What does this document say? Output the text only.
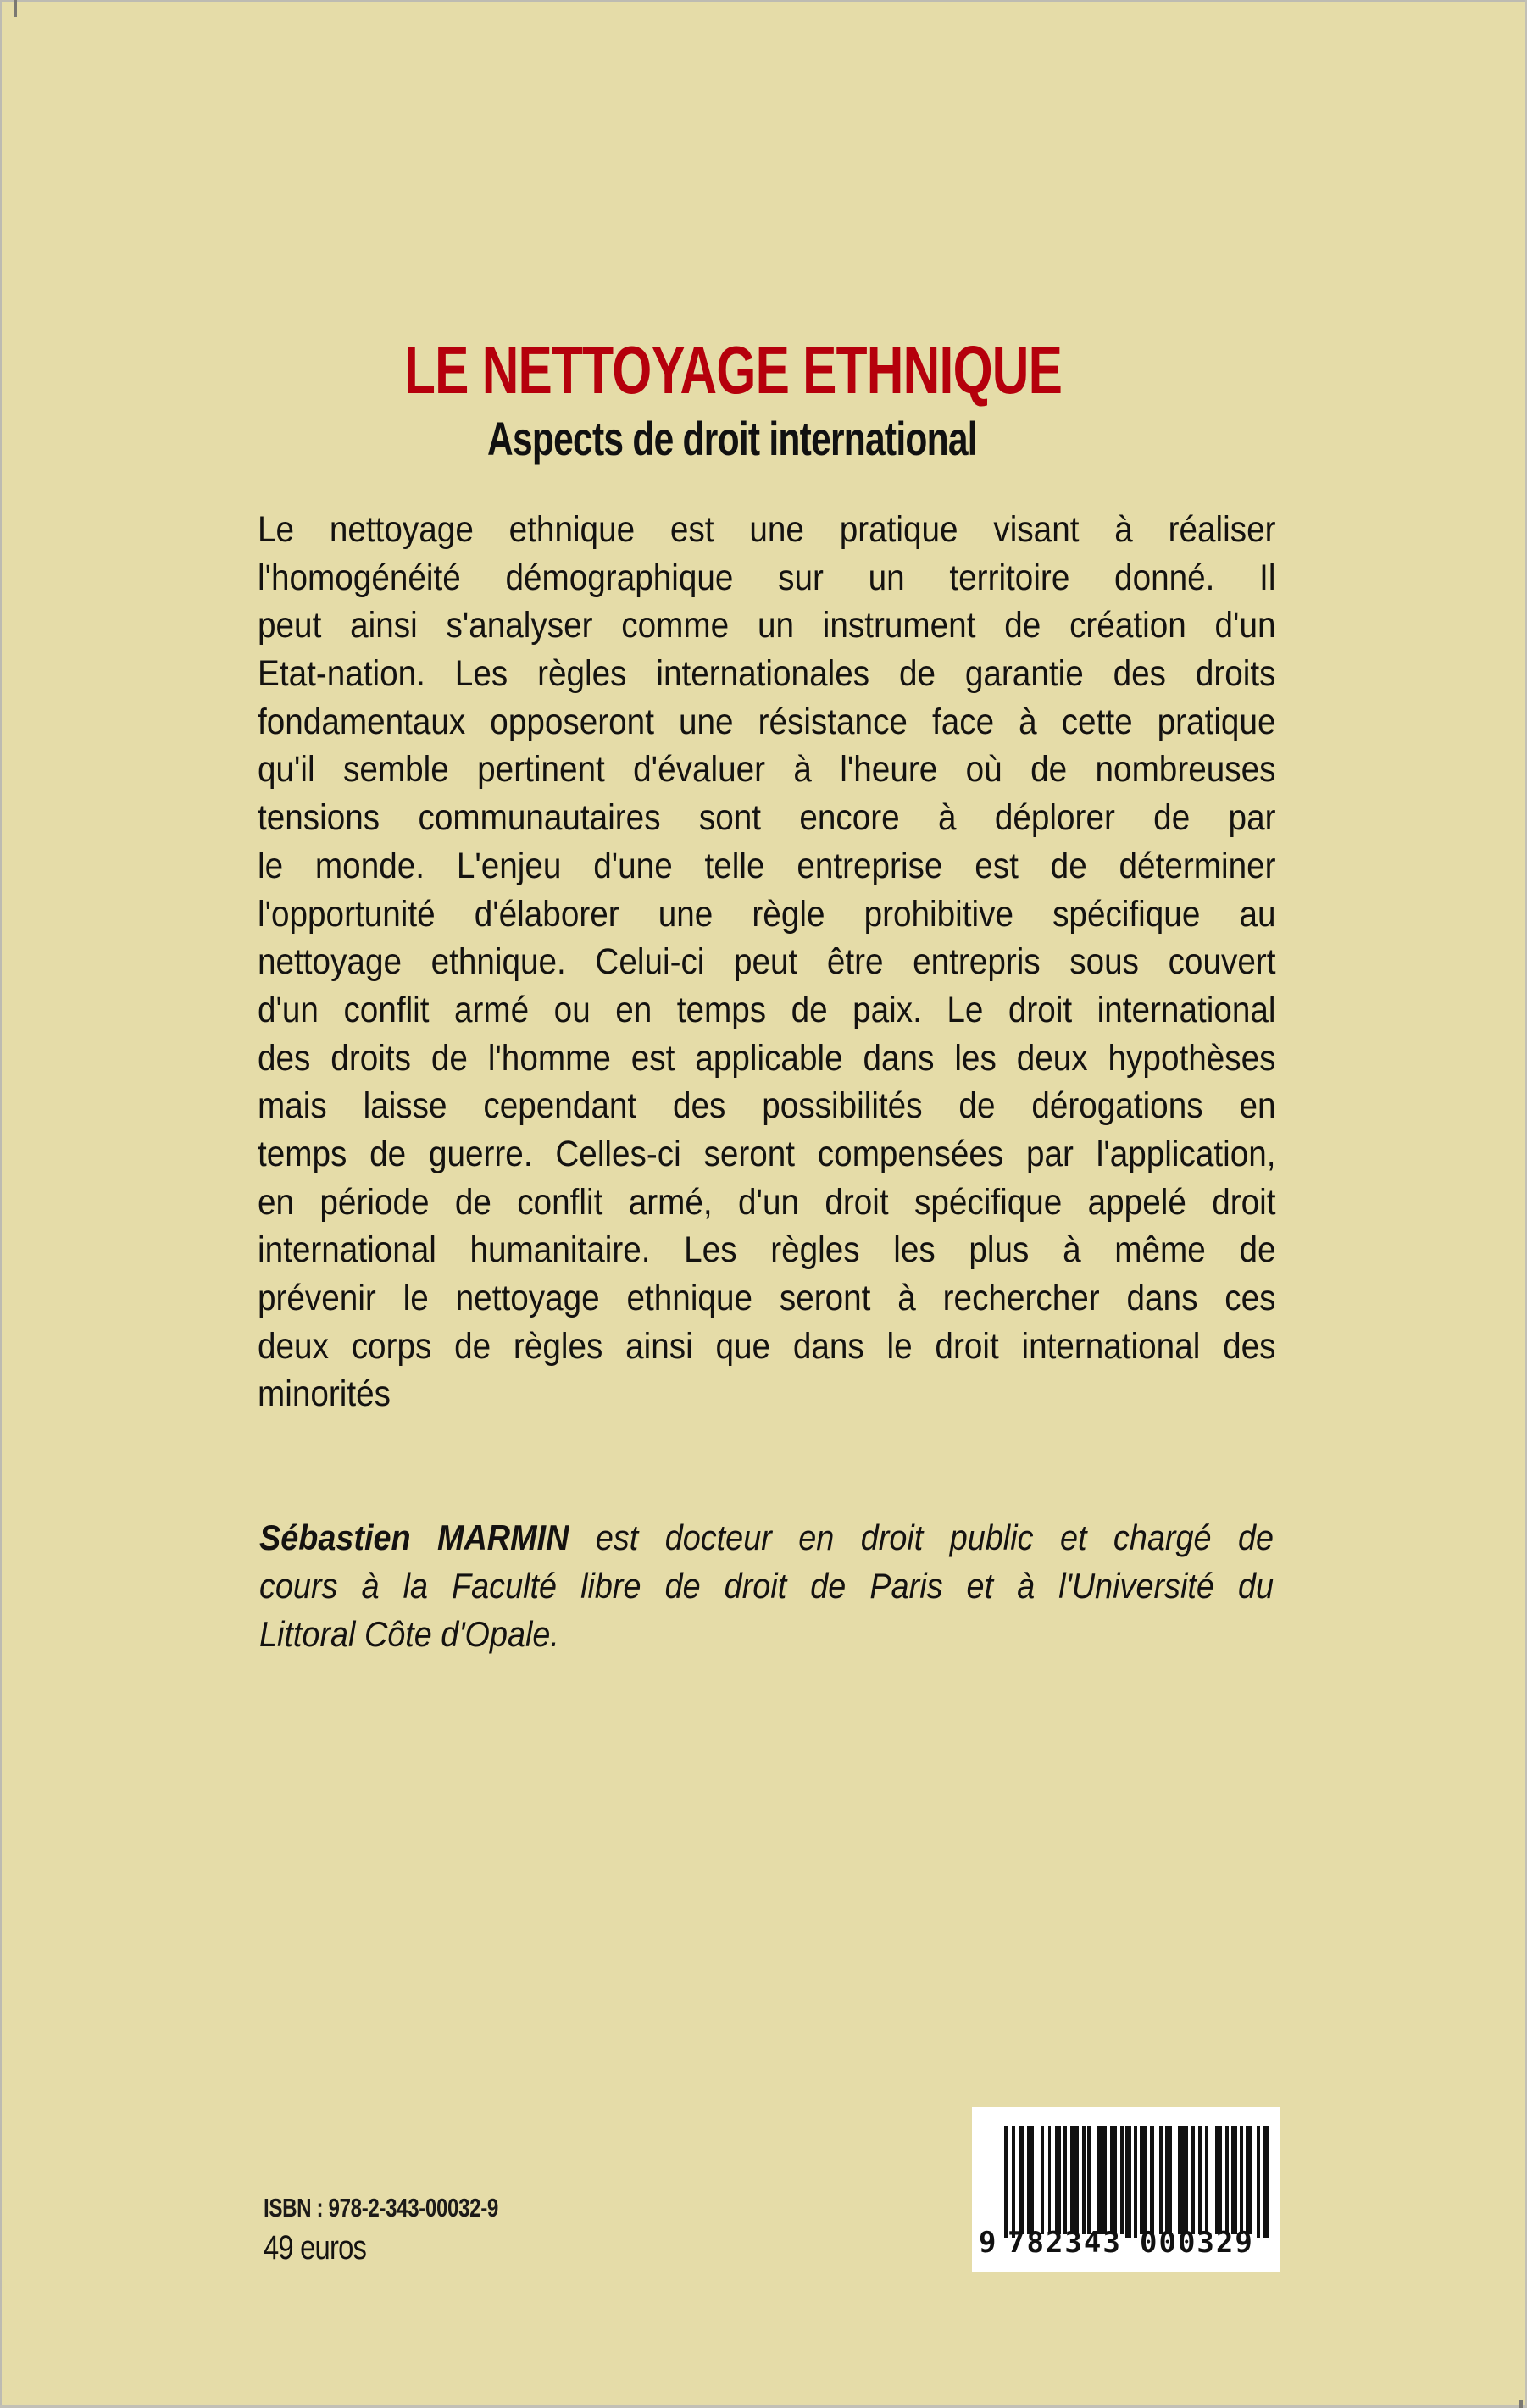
LE NETTOYAGE ETHNIQUE
Aspects de droit international
Le nettoyage ethnique est une pratique visant à réaliser
l'homogénéité démographique sur un territoire donné. Il
peut ainsi s'analyser comme un instrument de création d'un
Etat-nation. Les règles internationales de garantie des droits
fondamentaux opposeront une résistance face à cette pratique
qu'il semble pertinent d'évaluer à l'heure où de nombreuses
tensions communautaires sont encore à déplorer de par
le monde. L'enjeu d'une telle entreprise est de déterminer
l'opportunité d'élaborer une règle prohibitive spécifique au
nettoyage ethnique. Celui-ci peut être entrepris sous couvert
d'un conflit armé ou en temps de paix. Le droit international
des droits de l'homme est applicable dans les deux hypothèses
mais laisse cependant des possibilités de dérogations en
temps de guerre. Celles-ci seront compensées par l'application,
en période de conflit armé, d'un droit spécifique appelé droit
international humanitaire. Les règles les plus à même de
prévenir le nettoyage ethnique seront à rechercher dans ces
deux corps de règles ainsi que dans le droit international des
minorités
Sébastien MARMIN est docteur en droit public et chargé de
cours à la Faculté libre de droit de Paris et à l'Université du
Littoral Côte d'Opale.
ISBN : 978-2-343-00032-9
49 euros	9 782343 000329
